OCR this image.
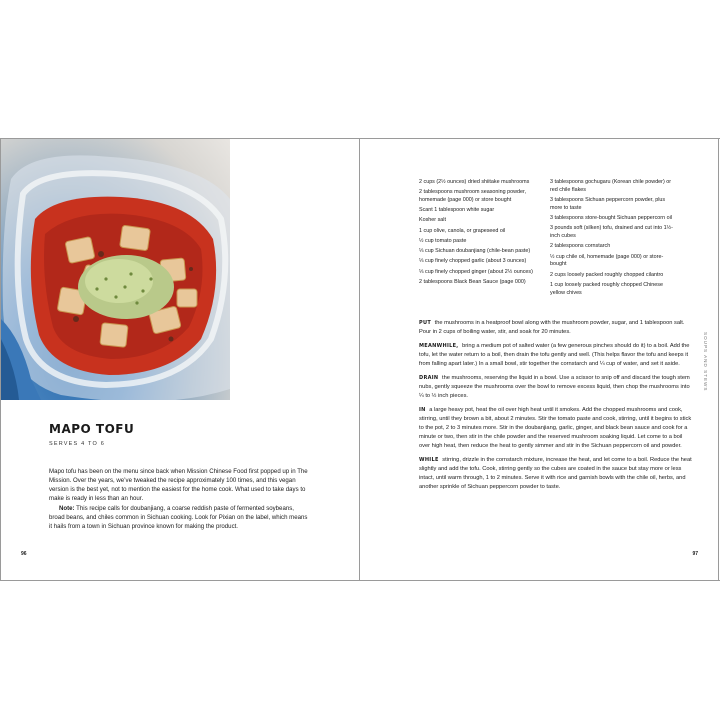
MAPO TOFU
SERVES 4 TO 6

Mapo tofu has been on the menu since back when Mission Chinese Food first popped up in The Mission. Over the years, we’ve tweaked the recipe approximately 100 times, and this vegan version is the best yet, not to mention the easiest for the home cook. What used to take days to make is ready in less than an hour.

Note: This recipe calls for doubanjiang, a coarse reddish paste of fermented soybeans, broad beans, and chiles common in Sichuan cooking. Look for Pixian on the label, which means it hails from a town in Sichuan province known for making the product.

96
2 cups (2½ ounces) dried shiitake mushrooms
2 tablespoons mushroom seasoning powder, homemade (page 000) or store bought
Scant 1 tablespoon white sugar
Kosher salt
1 cup olive, canola, or grapeseed oil
½ cup tomato paste
⅓ cup Sichuan doubanjiang (chile-bean paste)
⅓ cup finely chopped garlic (about 3 ounces)
⅓ cup finely chopped ginger (about 2½ ounces)
2 tablespoons Black Bean Sauce (page 000)
3 tablespoons gochugaru (Korean chile powder) or red chile flakes
3 tablespoons Sichuan peppercorn powder, plus more to taste
3 tablespoons store-bought Sichuan peppercorn oil
3 pounds soft (silken) tofu, drained and cut into 1½-inch cubes
2 tablespoons cornstarch
½ cup chile oil, homemade (page 000) or store-bought
2 cups loosely packed roughly chopped cilantro
1 cup loosely packed roughly chopped Chinese yellow chives

PUT the mushrooms in a heatproof bowl along with the mushroom powder, sugar, and 1 tablespoon salt. Pour in 2 cups of boiling water, stir, and soak for 20 minutes.

MEANWHILE, bring a medium pot of salted water (a few generous pinches should do it) to a boil. Add the tofu, let the water return to a boil, then drain the tofu gently and well. (This helps flavor the tofu and keeps it from falling apart later.) In a small bowl, stir together the cornstarch and ¼ cup of water, and set it aside.

DRAIN the mushrooms, reserving the liquid in a bowl. Use a scissor to snip off and discard the tough stem nubs, gently squeeze the mushrooms over the bowl to remove excess liquid, then chop the mushrooms into ¼ to ½ inch pieces.

IN a large heavy pot, heat the oil over high heat until it smokes. Add the chopped mushrooms and cook, stirring, until they brown a bit, about 2 minutes. Stir the tomato paste and cook, stirring, until it begins to stick to the pot, 2 to 3 minutes more. Stir in the doubanjiang, garlic, ginger, and black bean sauce and cook for a minute or two, then stir in the chile powder and the reserved mushroom soaking liquid. Let come to a boil over high heat, then reduce the heat to gently simmer and stir in the Sichuan peppercorn oil and powder.

WHILE stirring, drizzle in the cornstarch mixture, increase the heat, and let come to a boil. Reduce the heat slightly and add the tofu. Cook, stirring gently so the cubes are coated in the sauce but stay more or less intact, until warm through, 1 to 2 minutes. Serve it with rice and garnish bowls with the chile oil, herbs, and another sprinkle of Sichuan peppercorn powder to taste.

SOUPS AND STEWS
97
